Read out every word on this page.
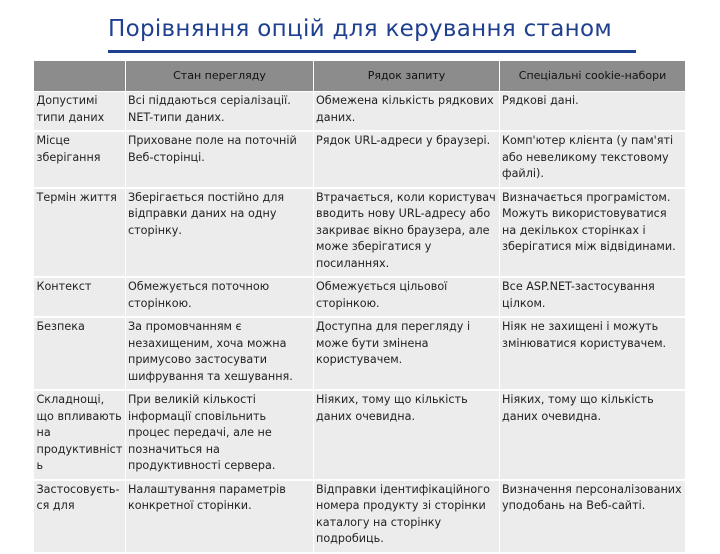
Порівняння опцій для керування станом
	Стан перегляду	Рядок запиту	Спеціальні cookie-набори
Допустимі типи даних	Всі піддаються серіалізації. NET-типи даних.	Обмежена кількість рядкових даних.	Рядкові дані.
Місце зберігання	Приховане поле на поточній Веб-сторінці.	Рядок URL-адреси у браузері.	Комп'ютер клієнта (у пам'яті або невеликому текстовому файлі).
Термін життя	Зберігається постійно для відправки даних на одну сторінку.	Втрачається, коли користувач вводить нову URL-адресу або закриває вікно браузера, але може зберігатися у посиланнях.	Визначається програмістом. Можуть використовуватися на декількох сторінках і зберігатися між відвідинами.
Контекст	Обмежується поточною сторінкою.	Обмежується цільової сторінкою.	Все ASP.NET-застосування цілком.
Безпека	За промовчанням є незахищеним, хоча можна примусово застосувати шифрування та хешування.	Доступна для перегляду і може бути змінена користувачем.	Ніяк не захищені і можуть змінюватися користувачем.
Складнощі, що впливають на продуктивність	При великій кількості інформації сповільнить процес передачі, але не позначиться на продуктивності сервера.	Ніяких, тому що кількість даних очевидна.	Ніяких, тому що кількість даних очевидна.
Застосовуєть-ся для	Налаштування параметрів конкретної сторінки.	Відправки ідентифікаційного номера продукту зі сторінки каталогу на сторінку подробиць.	Визначення персоналізованих уподобань на Веб-сайті.
